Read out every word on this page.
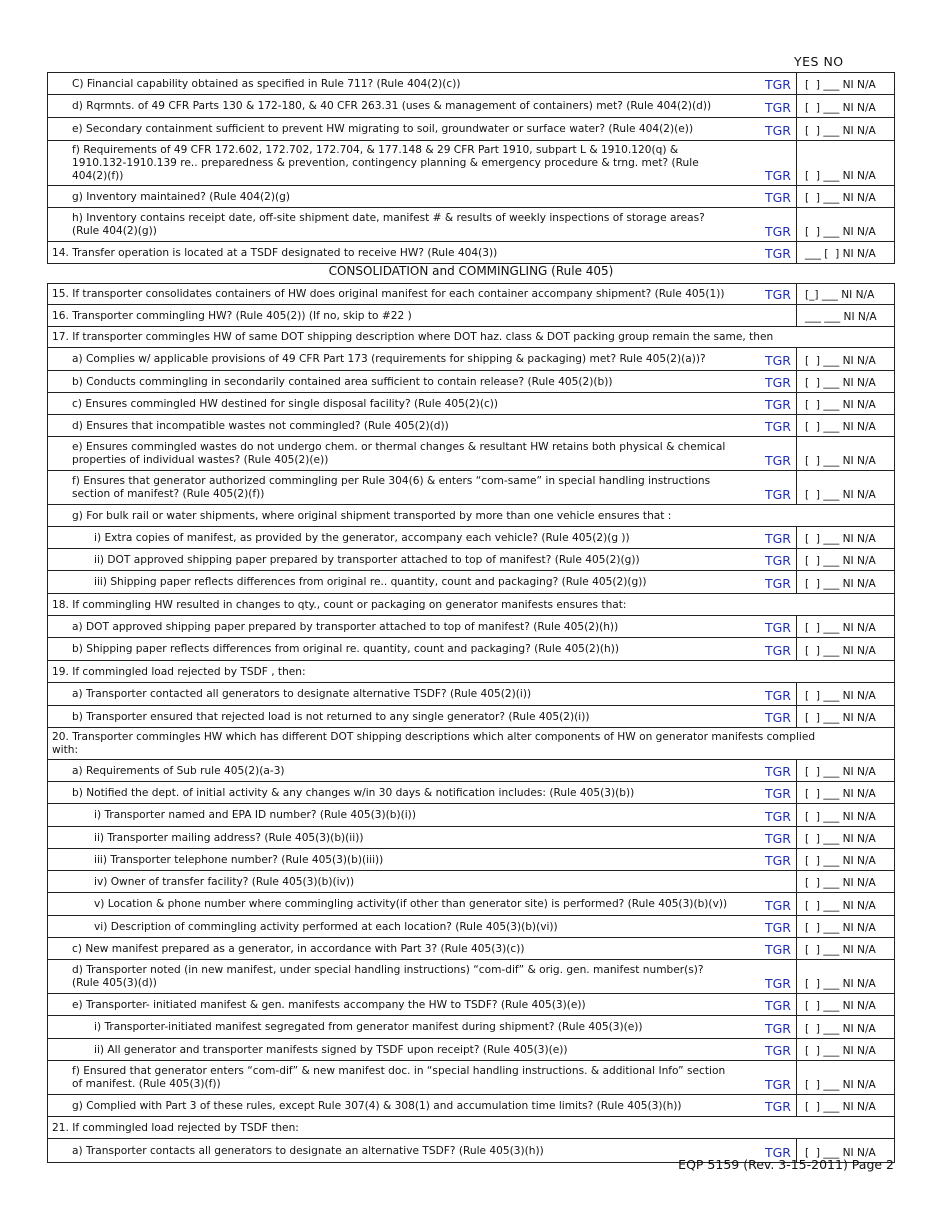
YES NO
C) Financial capability obtained as specified in Rule 711? (Rule 404(2)(c)) TGR	[  ] ___ NI N/A

d) Rqrmnts. of 49 CFR Parts 130 & 172-180, & 40 CFR 263.31 (uses & management of containers) met? (Rule 404(2)(d)) TGR	[  ] ___ NI N/A

e) Secondary containment sufficient to prevent HW migrating to soil, groundwater or surface water? (Rule 404(2)(e)) TGR	[  ] ___ NI N/A

f) Requirements of 49 CFR 172.602, 172.702, 172.704, & 177.148 & 29 CFR Part 1910, subpart L & 1910.120(q) & 1910.132-1910.139 re.. preparedness & prevention, contingency planning & emergency procedure & trng. met? (Rule 404(2)(f)) TGR	[  ] ___ NI N/A

g) Inventory maintained? (Rule 404(2)(g) TGR	[  ] ___ NI N/A

h) Inventory contains receipt date, off-site shipment date, manifest # & results of weekly inspections of storage areas? (Rule 404(2)(g)) TGR	[  ] ___ NI N/A

14. Transfer operation is located at a TSDF designated to receive HW? (Rule 404(3)) TGR	___ [  ] NI N/A
CONSOLIDATION and COMMINGLING (Rule 405)
15. If transporter consolidates containers of HW does original manifest for each container accompany shipment? (Rule 405(1)) TGR	[_] ___ NI N/A

16. Transporter commingling HW? (Rule 405(2)) (If no, skip to #22 )	___ ___ NI N/A

17. If transporter commingles HW of same DOT shipping description where DOT haz. class & DOT packing group remain the same, then	

a) Complies w/ applicable provisions of 49 CFR Part 173 (requirements for shipping & packaging) met? Rule 405(2)(a))? TGR	[  ] ___ NI N/A

b) Conducts commingling in secondarily contained area sufficient to contain release? (Rule 405(2)(b)) TGR	[  ] ___ NI N/A

c) Ensures commingled HW destined for single disposal facility? (Rule 405(2)(c)) TGR	[  ] ___ NI N/A

d) Ensures that incompatible wastes not commingled? (Rule 405(2)(d)) TGR	[  ] ___ NI N/A

e) Ensures commingled wastes do not undergo chem. or thermal changes & resultant HW retains both physical & chemical properties of individual wastes? (Rule 405(2)(e)) TGR	[  ] ___ NI N/A

f) Ensures that generator authorized commingling per Rule 304(6) & enters “com-same” in special handling instructions section of manifest? (Rule 405(2)(f)) TGR	[  ] ___ NI N/A

g) For bulk rail or water shipments, where original shipment transported by more than one vehicle ensures that :	

i) Extra copies of manifest, as provided by the generator, accompany each vehicle? (Rule 405(2)(g )) TGR	[  ] ___ NI N/A

ii) DOT approved shipping paper prepared by transporter attached to top of manifest? (Rule 405(2)(g)) TGR	[  ] ___ NI N/A

iii) Shipping paper reflects differences from original re.. quantity, count and packaging? (Rule 405(2)(g)) TGR	[  ] ___ NI N/A

18. If commingling HW resulted in changes to qty., count or packaging on generator manifests ensures that:	

a) DOT approved shipping paper prepared by transporter attached to top of manifest? (Rule 405(2)(h)) TGR	[  ] ___ NI N/A

b) Shipping paper reflects differences from original re. quantity, count and packaging? (Rule 405(2)(h)) TGR	[  ] ___ NI N/A

19. If commingled load rejected by TSDF , then:	

a) Transporter contacted all generators to designate alternative TSDF? (Rule 405(2)(i)) TGR	[  ] ___ NI N/A

b) Transporter ensured that rejected load is not returned to any single generator? (Rule 405(2)(i)) TGR	[  ] ___ NI N/A

20. Transporter commingles HW which has different DOT shipping descriptions which alter components of HW on generator manifests complied with:	

a) Requirements of Sub rule 405(2)(a-3) TGR	[  ] ___ NI N/A

b) Notified the dept. of initial activity & any changes w/in 30 days & notification includes: (Rule 405(3)(b)) TGR	[  ] ___ NI N/A

i) Transporter named and EPA ID number? (Rule 405(3)(b)(i)) TGR	[  ] ___ NI N/A

ii) Transporter mailing address? (Rule 405(3)(b)(ii)) TGR	[  ] ___ NI N/A

iii) Transporter telephone number? (Rule 405(3)(b)(iii)) TGR	[  ] ___ NI N/A

iv) Owner of transfer facility? (Rule 405(3)(b)(iv))	[  ] ___ NI N/A

v) Location & phone number where commingling activity(if other than generator site) is performed? (Rule 405(3)(b)(v)) TGR	[  ] ___ NI N/A

vi) Description of commingling activity performed at each location? (Rule 405(3)(b)(vi)) TGR	[  ] ___ NI N/A

c) New manifest prepared as a generator, in accordance with Part 3? (Rule 405(3)(c)) TGR	[  ] ___ NI N/A

d) Transporter noted (in new manifest, under special handling instructions) “com-dif” & orig. gen. manifest number(s)? (Rule 405(3)(d)) TGR	[  ] ___ NI N/A

e) Transporter- initiated manifest & gen. manifests accompany the HW to TSDF? (Rule 405(3)(e)) TGR	[  ] ___ NI N/A

i) Transporter-initiated manifest segregated from generator manifest during shipment? (Rule 405(3)(e)) TGR	[  ] ___ NI N/A

ii) All generator and transporter manifests signed by TSDF upon receipt? (Rule 405(3)(e)) TGR	[  ] ___ NI N/A

f) Ensured that generator enters “com-dif” & new manifest doc. in “special handling instructions. & additional Info” section of manifest. (Rule 405(3)(f)) TGR	[  ] ___ NI N/A

g) Complied with Part 3 of these rules, except Rule 307(4) & 308(1) and accumulation time limits? (Rule 405(3)(h)) TGR	[  ] ___ NI N/A

21. If commingled load rejected by TSDF then:	

a) Transporter contacts all generators to designate an alternative TSDF? (Rule 405(3)(h)) TGR	[  ] ___ NI N/A
EQP 5159 (Rev. 3-15-2011) Page 2
